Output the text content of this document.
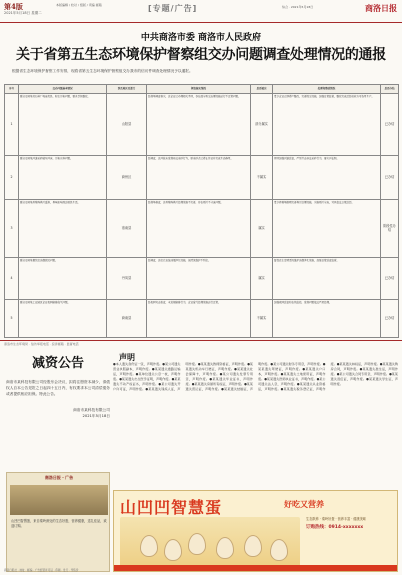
第4版
2021年5月18日 星期二
本版编辑 / 校对 / 组版 / 责编 邮箱	[专题/广告]	综合 · 2021年5月18日	商洛日报
中共商洛市委 商洛市人民政府
关于省第五生态环境保护督察组交办问题调查处理情况的通报
根据省生态环境保护督察工作安排，现将省第五生态环境保护督察组交办我市的信访件调查处理情况予以通报。
序号	交办问题基本情况	涉及地区及部门	调查核实情况	是否属实	处理和整改情况	是否办结
1	群众反映某村石料厂噪音扰民、粉尘污染问题，要求尽快整改。	山阳县	经现场调查核实，该企业已办理相关手续，存在部分粉尘治理设施运行不正常问题。	部分属实	责令企业立即停产整改，完善除尘设施，加强日常监管，整改完成后经验收方可恢复生产。	已办结
2	群众反映某河道采砂破坏河床、污染水体问题。	商州区	经调查，该河段未发现非法采砂行为，原采砂点已停止作业并完成生态修复。	不属实	持续加强河道巡查，严厉打击非法采砂行为，落实河长制。	已办结
3	群众反映某养殖场粪污直排，臭味影响周边居民生活。	洛南县	经现场核查，该养殖场粪污处理设施不完善，存在雨污不分流问题。	属实	责令养殖场限期完善粪污处理设施，实施雨污分流，对其依法立案处罚。	阶段性办结
4	群众反映某餐饮店油烟扰民问题。	丹凤县	经调查，该店已安装油烟净化设施，但清洗维护不到位。	属实	督促店主定期清洗维护油烟净化设施，加强日常巡查监管。	已办结
5	群众反映某工业园区企业夜间偷排废气问题。	商南县	经夜间突击检查，未发现偷排行为，企业废气处理设施运行正常。	不属实	加强夜间巡查和在线监控，发现问题依法严肃处理。	已办结
商洛市生态环境局 · 信访举报电话 · 投诉邮箱 · 监督电话
减资公告
商洛市某科技有限公司经股东会决议，拟将注册资本减少，请债权人自本公告见报之日起四十五日内，有权要求本公司清偿债务或者提供相应担保。特此公告。
商洛市某科技有限公司
2021年5月18日
商洛日报 · 广告
山凹凹智慧蛋，来自秦岭深处的生态好蛋，营养健康，送礼佳品，欢迎订购。
声明
●本人遗失身份证一张，声明作废。●某公司遗失营业执照副本，声明作废。●某某遗失道路运输证，声明作废。●某单位遗失公章一枚，声明作废。●某某遗失出生医学证明，声明作废。●某某遗失不动产权证书，声明作废。●某公司遗失开户许可证，声明作废。●某某遗失残疾人证，声明作废。●某某遗失教师资格证，声明作废。●某某遗失机动车行驶证，声明作废。●某某遗失社会保障卡，声明作废。●某公司遗失发票专用章，声明作废。●某某遗失毕业证书，声明作废。●某某遗失房屋所有权证，声明作废。●某某遗失营运证，声明作废。●某某遗失结婚证，声明作废。●某公司遗失财务专用章，声明作废。●某某遗失驾驶证，声明作废。●某某遗失户口本，声明作废。●某某遗失土地使用证，声明作废。●某某遗失医师执业证书，声明作废。●某公司遗失法人章，声明作废。●某某遗失从业资格证，声明作废。●某某遗失税务登记证，声明作废。●某某遗失林权证，声明作废。●某某遗失购房合同，声明作废。●某某遗失准生证，声明作废。●某公司遗失合同专用章，声明作废。●某某遗失退伍证，声明作废。●某某遗失学生证，声明作废。
山凹凹智慧蛋	好吃又营养
生态散养 · 秦岭好蛋 · 营养丰富 · 健康美味
订购热线：0914-xxxxxxx
商洛日报社 · 地址 · 邮编 · 广告经营许可证 · 印刷 · 发行 · 零售价
